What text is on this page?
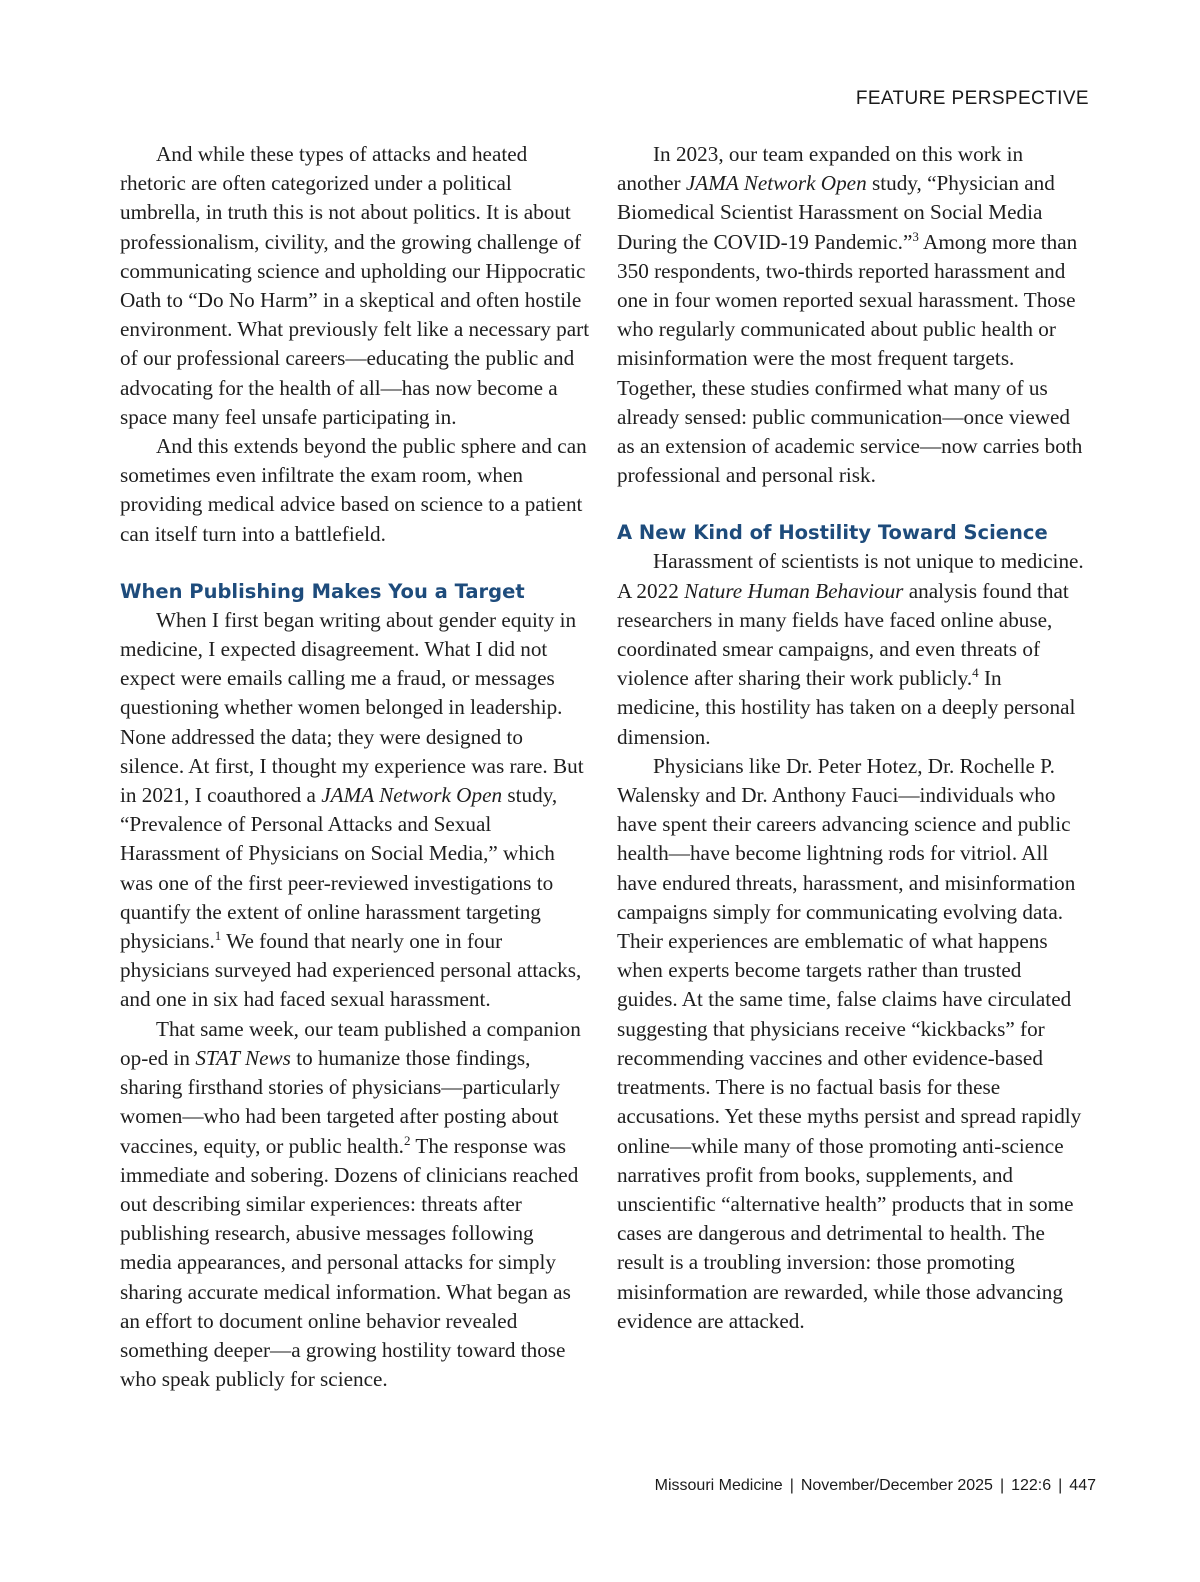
FEATURE PERSPECTIVE

And while these types of attacks and heated rhetoric are often categorized under a political umbrella, in truth this is not about politics. It is about professionalism, civility, and the growing challenge of communicating science and upholding our Hippocratic Oath to “Do No Harm” in a skeptical and often hostile environment. What previously felt like a necessary part of our professional careers—educating the public and advocating for the health of all—has now become a space many feel unsafe participating in.

And this extends beyond the public sphere and can sometimes even infiltrate the exam room, when providing medical advice based on science to a patient can itself turn into a battlefield.

When Publishing Makes You a Target

When I first began writing about gender equity in medicine, I expected disagreement. What I did not expect were emails calling me a fraud, or messages questioning whether women belonged in leadership. None addressed the data; they were designed to silence. At first, I thought my experience was rare. But in 2021, I coauthored a JAMA Network Open study, “Prevalence of Personal Attacks and Sexual Harassment of Physicians on Social Media,” which was one of the first peer-reviewed investigations to quantify the extent of online harassment targeting physicians.$^1$ We found that nearly one in four physicians surveyed had experienced personal attacks, and one in six had faced sexual harassment.

That same week, our team published a companion op-ed in STAT News to humanize those findings, sharing firsthand stories of physicians—particularly women—who had been targeted after posting about vaccines, equity, or public health.$^2$ The response was immediate and sobering. Dozens of clinicians reached out describing similar experiences: threats after publishing research, abusive messages following media appearances, and personal attacks for simply sharing accurate medical information. What began as an effort to document online behavior revealed something deeper—a growing hostility toward those who speak publicly for science.

In 2023, our team expanded on this work in another JAMA Network Open study, “Physician and Biomedical Scientist Harassment on Social Media During the COVID-19 Pandemic.”$^3$ Among more than 350 respondents, two-thirds reported harassment and one in four women reported sexual harassment. Those who regularly communicated about public health or misinformation were the most frequent targets. Together, these studies confirmed what many of us already sensed: public communication—once viewed as an extension of academic service—now carries both professional and personal risk.

A New Kind of Hostility Toward Science

Harassment of scientists is not unique to medicine. A 2022 Nature Human Behaviour analysis found that researchers in many fields have faced online abuse, coordinated smear campaigns, and even threats of violence after sharing their work publicly.$^4$ In medicine, this hostility has taken on a deeply personal dimension.

Physicians like Dr. Peter Hotez, Dr. Rochelle P. Walensky and Dr. Anthony Fauci—individuals who have spent their careers advancing science and public health—have become lightning rods for vitriol. All have endured threats, harassment, and misinformation campaigns simply for communicating evolving data. Their experiences are emblematic of what happens when experts become targets rather than trusted guides. At the same time, false claims have circulated suggesting that physicians receive “kickbacks” for recommending vaccines and other evidence-based treatments. There is no factual basis for these accusations. Yet these myths persist and spread rapidly online—while many of those promoting anti-science narratives profit from books, supplements, and unscientific “alternative health” products that in some cases are dangerous and detrimental to health. The result is a troubling inversion: those promoting misinformation are rewarded, while those advancing evidence are attacked.

Missouri Medicine | November/December 2025 | 122:6 | 447
